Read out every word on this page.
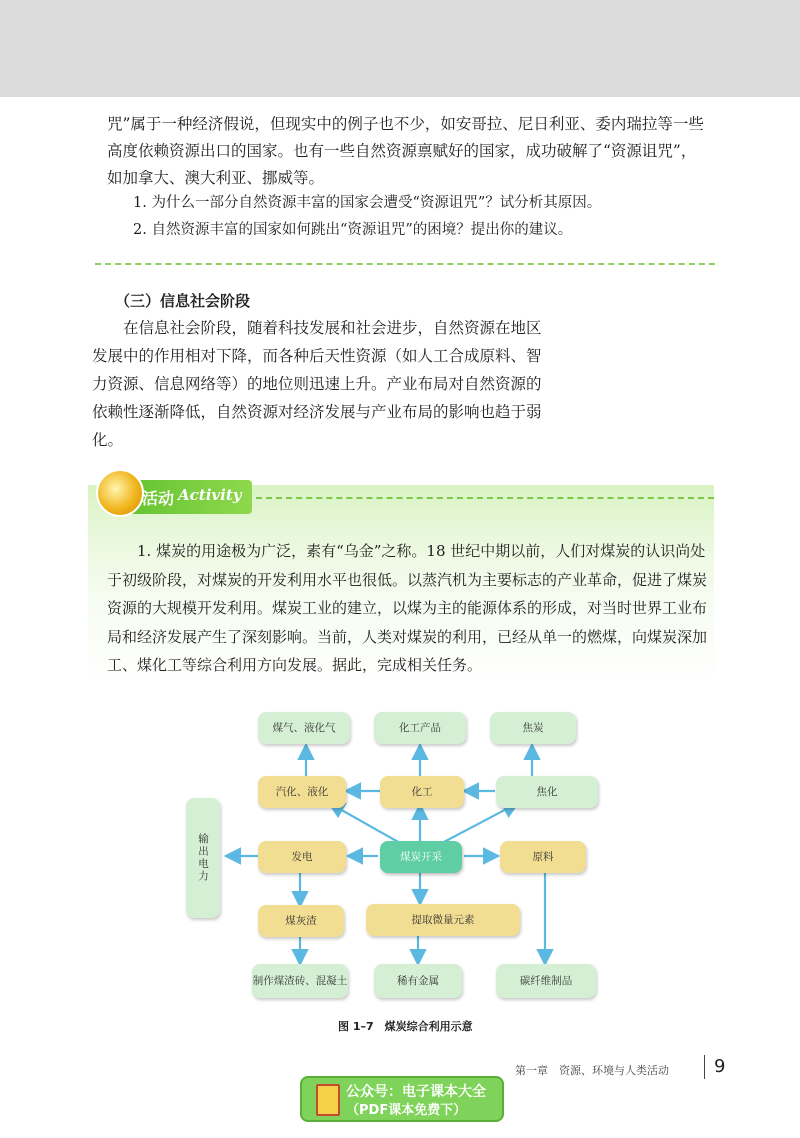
咒”属于一种经济假说，但现实中的例子也不少，如安哥拉、尼日利亚、委内瑞拉等一些高度依赖资源出口的国家。也有一些自然资源禀赋好的国家，成功破解了“资源诅咒”，如加拿大、澳大利亚、挪威等。
1. 为什么一部分自然资源丰富的国家会遭受“资源诅咒”？试分析其原因。
2. 自然资源丰富的国家如何跳出“资源诅咒”的困境？提出你的建议。
（三）信息社会阶段
在信息社会阶段，随着科技发展和社会进步，自然资源在地区发展中的作用相对下降，而各种后天性资源（如人工合成原料、智力资源、信息网络等）的地位则迅速上升。产业布局对自然资源的依赖性逐渐降低，自然资源对经济发展与产业布局的影响也趋于弱化。
活动 Activity
1. 煤炭的用途极为广泛，素有“乌金”之称。18 世纪中期以前，人们对煤炭的认识尚处于初级阶段，对煤炭的开发利用水平也很低。以蒸汽机为主要标志的产业革命，促进了煤炭资源的大规模开发利用。煤炭工业的建立，以煤为主的能源体系的形成，对当时世界工业布局和经济发展产生了深刻影响。当前，人类对煤炭的利用，已经从单一的燃煤，向煤炭深加工、煤化工等综合利用方向发展。据此，完成相关任务。
煤气、液化气	化工产品	焦炭
汽化、液化	化工	焦化
输出电力	发电	煤炭开采	原料
煤灰渣	提取微量元素
制作煤渣砖、混凝土	稀有金属	碳纤维制品
图 1–7　煤炭综合利用示意
第一章　资源、环境与人类活动	9
公众号：电子课本大全
（PDF课本免费下）
